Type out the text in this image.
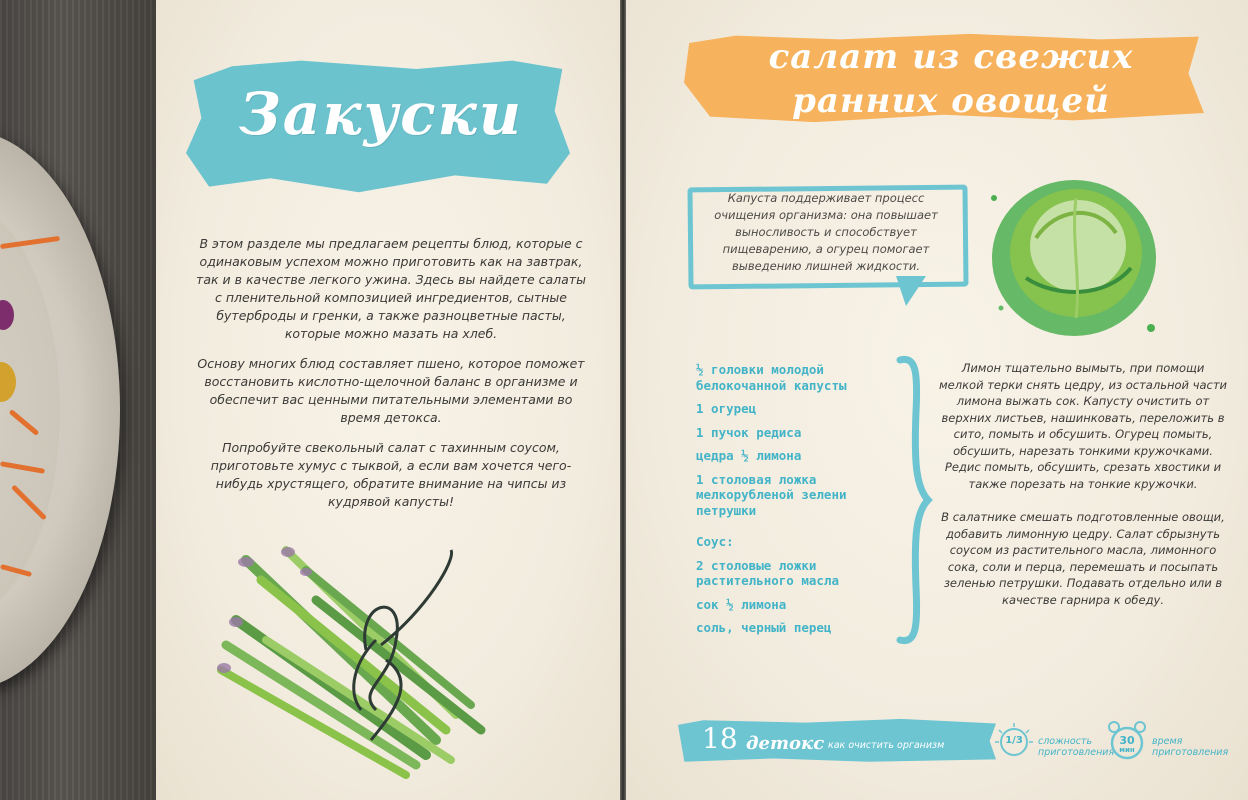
Закуски

В этом разделе мы предлагаем рецепты блюд, которые с одинаковым успехом можно приготовить как на завтрак, так и в качестве легкого ужина. Здесь вы найдете салаты с пленительной композицией ингредиентов, сытные бутерброды и гренки, а также разноцветные пасты, которые можно мазать на хлеб.

Основу многих блюд составляет пшено, которое поможет восстановить кислотно-щелочной баланс в организме и обеспечит вас ценными питательными элементами во время детокса.

Попробуйте свекольный салат с тахинным соусом, приготовьте хумус с тыквой, а если вам хочется чего-нибудь хрустящего, обратите внимание на чипсы из кудрявой капусты!

салат из свежих
ранних овощей
Капуста поддерживает процесс очищения организма: она повышает выносливость и способствует пищеварению, а огурец помогает выведению лишней жидкости.
½ головки молодой белокочанной капусты
1 огурец
1 пучок редиса
цедра ½ лимона
1 столовая ложка мелкорубленой зелени петрушки
Соус:
2 столовые ложки растительного масла
сок ½ лимона
соль, черный перец

Лимон тщательно вымыть, при помощи мелкой терки снять цедру, из остальной части лимона выжать сок. Капусту очистить от верхних листьев, нашинковать, переложить в сито, помыть и обсушить. Огурец помыть, обсушить, нарезать тонкими кружочками. Редис помыть, обсушить, срезать хвостики и также порезать на тонкие кружочки.

В салатнике смешать подготовленные овощи, добавить лимонную цедру. Салат сбрызнуть соусом из растительного масла, лимонного сока, соли и перца, перемешать и посыпать зеленью петрушки. Подавать отдельно или в качестве гарнира к обеду.

18 детокс как очистить организм	1/3 сложность
приготовления
30
мин
время
приготовления
